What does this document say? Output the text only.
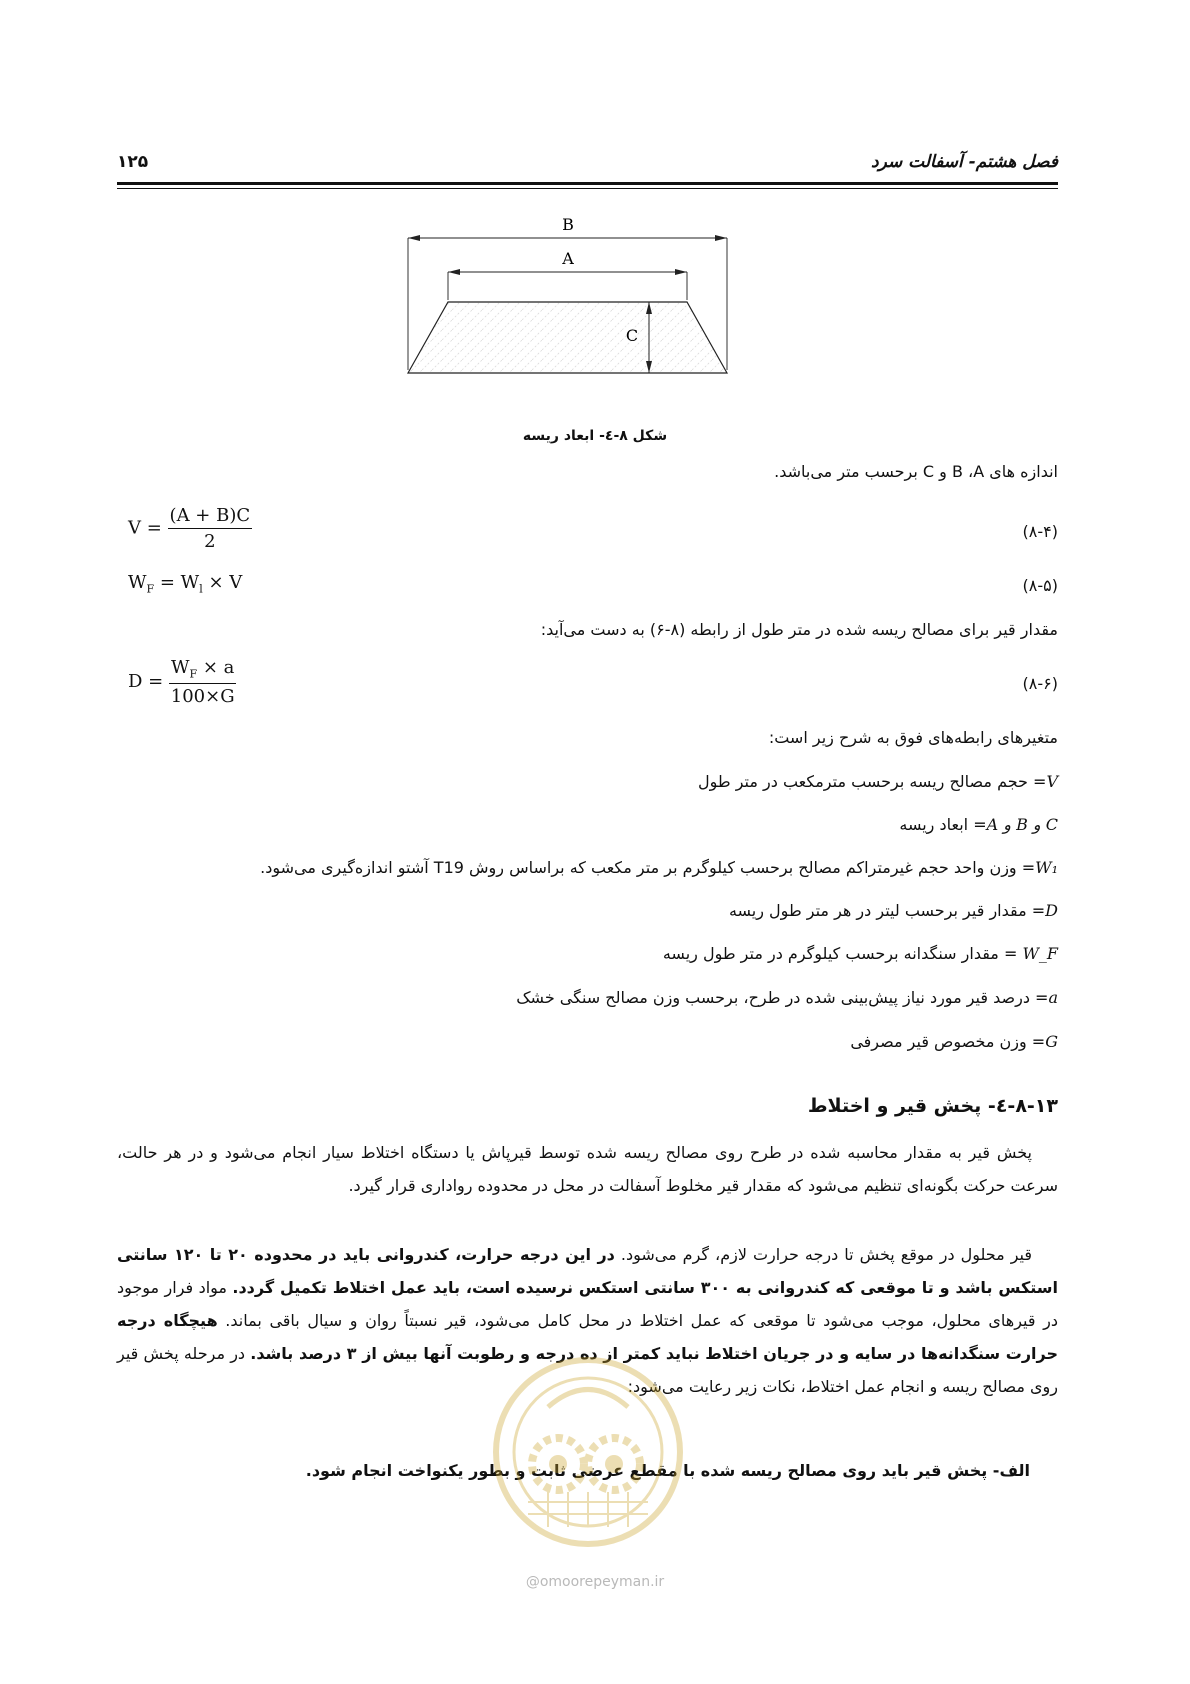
فصل هشتم- آسفالت سرد
۱۲۵
B
A
C
شکل ۸-٤- ابعاد ریسه
اندازه های B ،A و C برحسب متر می‌باشد.
$V = \frac{(A + B)C}{2}$	(۸-۴)
$W_F = W_l \times V$	(۸-۵)
مقدار قیر برای مصالح ریسه شده در متر طول از رابطه (۸-۶) به دست می‌آید:
$D = \frac{W_F \times a}{100\times G}$	(۸-۶)
متغیرهای رابطه‌های فوق به شرح زیر است:
V= حجم مصالح ریسه برحسب مترمکعب در متر طول
C و B و A= ابعاد ریسه
W₁= وزن واحد حجم غیرمتراکم مصالح برحسب کیلوگرم بر متر مکعب که براساس روش T19 آشتو اندازه‌گیری می‌شود.
D= مقدار قیر برحسب لیتر در هر متر طول ریسه
W_F = مقدار سنگدانه برحسب کیلوگرم در متر طول ریسه
a= درصد قیر مورد نیاز پیش‌بینی شده در طرح، برحسب وزن مصالح سنگی خشک
G= وزن مخصوص قیر مصرفی
۸-۱۳-٤- پخش قیر و اختلاط
پخش قیر به مقدار محاسبه شده در طرح روی مصالح ریسه شده توسط قیرپاش یا دستگاه اختلاط سیار انجام می‌شود و در هر حالت، سرعت حرکت بگونه‌ای تنظیم می‌شود که مقدار قیر مخلوط آسفالت در محل در محدوده رواداری قرار گیرد.
قیر محلول در موقع پخش تا درجه حرارت لازم، گرم می‌شود. در این درجه حرارت، کندروانی باید در محدوده ۲۰ تا ۱۲۰ سانتی استکس باشد و تا موقعی که کندروانی به ۳۰۰ سانتی استکس نرسیده است، باید عمل اختلاط تکمیل گردد. مواد فرار موجود در قیرهای محلول، موجب می‌شود تا موقعی که عمل اختلاط در محل کامل می‌شود، قیر نسبتاً روان و سیال باقی بماند. هیچگاه درجه حرارت سنگدانه‌ها در سایه و در جریان اختلاط نباید کمتر از ده درجه و رطوبت آنها بیش از ۳ درصد باشد. در مرحله پخش قیر روی مصالح ریسه و انجام عمل اختلاط، نکات زیر رعایت می‌شود:
الف- پخش قیر باید روی مصالح ریسه شده با مقطع عرضی ثابت و بطور یکنواخت انجام شود.
@omoorepeyman.ir
